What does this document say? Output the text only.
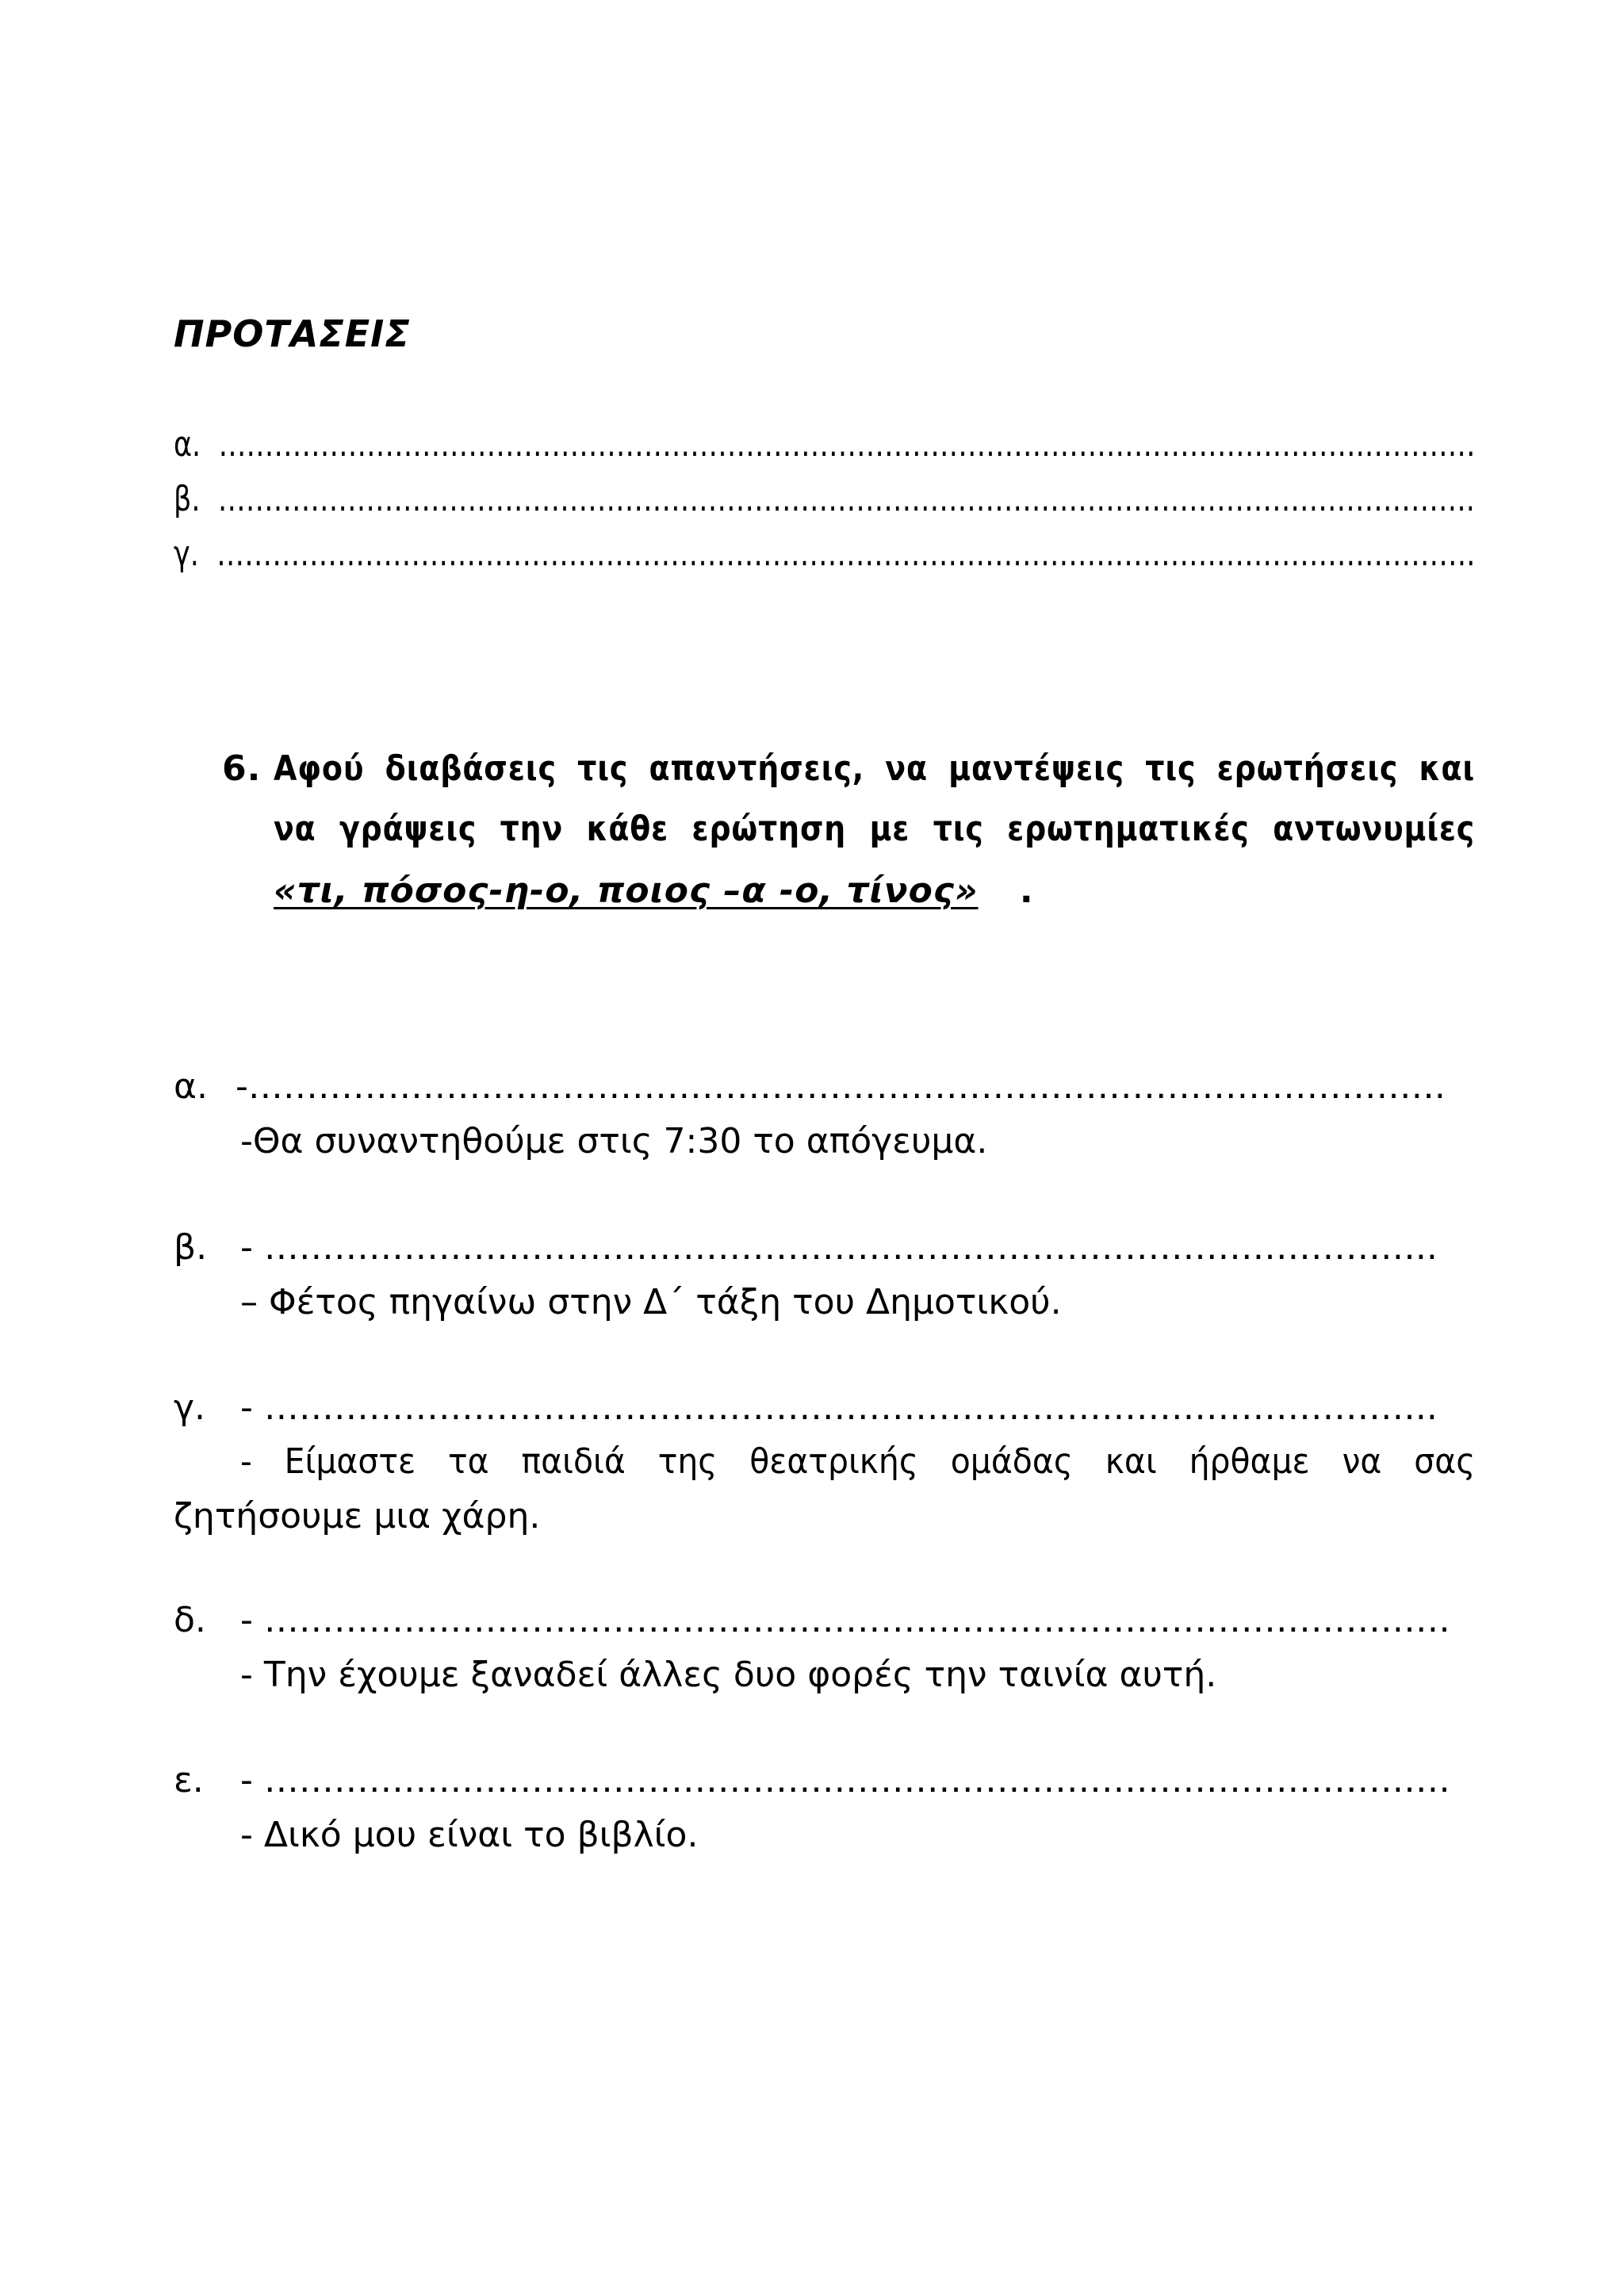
ΠΡΟΤΑΣΕΙΣ
α. …………………………………………………………………………………………………………….…………
β. ……………………………………………………………………………………………………………………….
γ. ……………………………………………………………………………………………………………………….
6. Αφού διαβάσεις τις απαντήσεις, να μαντέψεις τις ερωτήσεις και
να γράψεις την κάθε ερώτηση με τις ερωτηματικές αντωνυμίες
«τι, πόσος-η-ο, ποιος –α -ο, τίνος» .
α. -………………………………………………………………………………………….
-Θα συναντηθούμε στις 7:30 το απόγευμα.
β. - ………………………………………………………………………………………..
– Φέτος πηγαίνω στην Δ΄ τάξη του Δημοτικού.
γ. - ………………………………………………………………………………………..
- Είμαστε τα παιδιά της θεατρικής ομάδας και ήρθαμε να σας
ζητήσουμε μια χάρη.
δ. - …………………………………………………………………………………………
- Την έχουμε ξαναδεί άλλες δυο φορές την ταινία αυτή.
ε. - …………………………………………………………………………………………
- Δικό μου είναι το βιβλίο.
